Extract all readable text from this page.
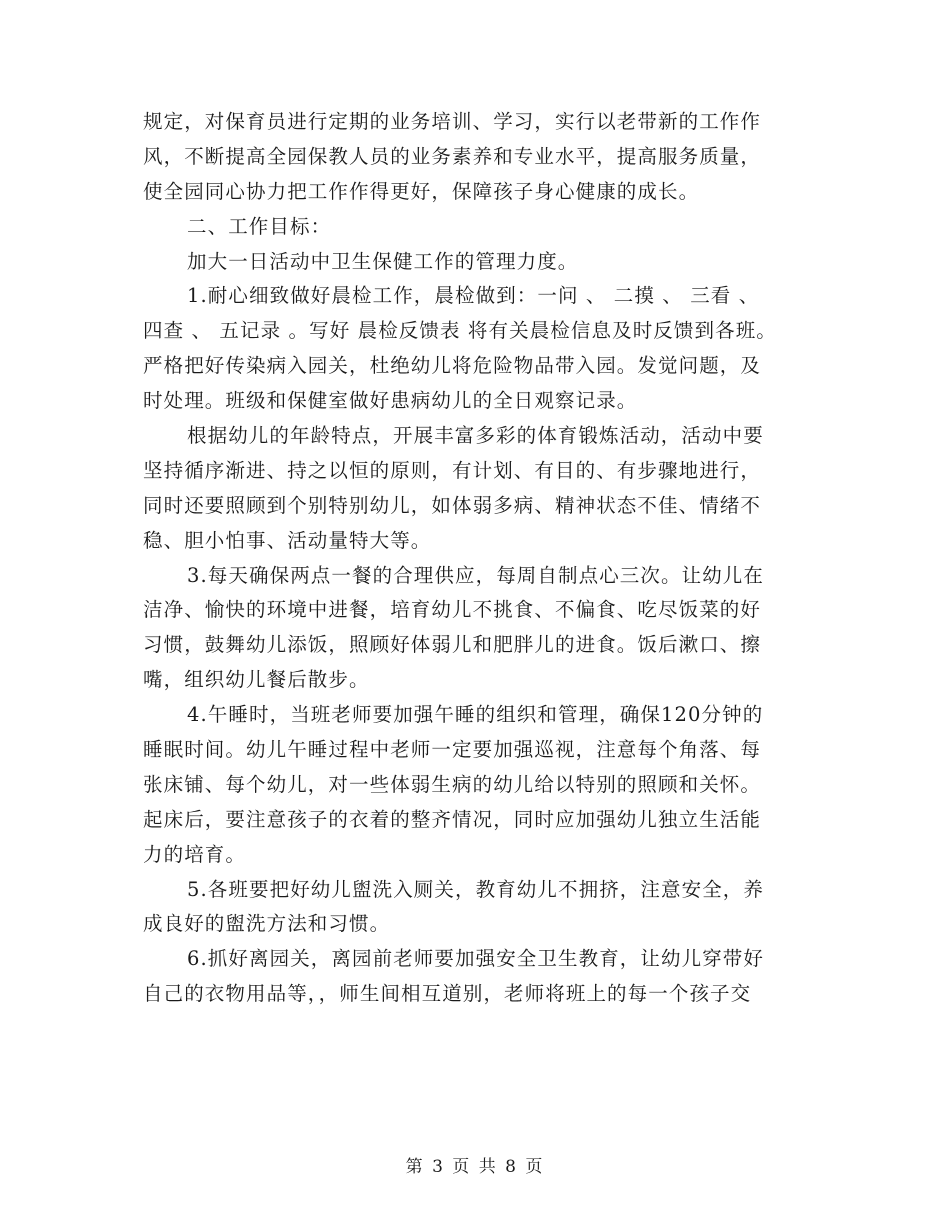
规定，对保育员进行定期的业务培训、学习，实行以老带新的工作作
风，不断提高全园保教人员的业务素养和专业水平，提高服务质量，
使全园同心协力把工作作得更好，保障孩子身心健康的成长。
二、工作目标：
加大一日活动中卫生保健工作的管理力度。
1.耐心细致做好晨检工作，晨检做到：一问 、 二摸 、 三看 、
四查 、 五记录 。写好 晨检反馈表 将有关晨检信息及时反馈到各班。
严格把好传染病入园关，杜绝幼儿将危险物品带入园。发觉问题，及
时处理。班级和保健室做好患病幼儿的全日观察记录。
根据幼儿的年龄特点，开展丰富多彩的体育锻炼活动，活动中要
坚持循序渐进、持之以恒的原则，有计划、有目的、有步骤地进行，
同时还要照顾到个别特别幼儿，如体弱多病、精神状态不佳、情绪不
稳、胆小怕事、活动量特大等。
3.每天确保两点一餐的合理供应，每周自制点心三次。让幼儿在
洁净、愉快的环境中进餐，培育幼儿不挑食、不偏食、吃尽饭菜的好
习惯，鼓舞幼儿添饭，照顾好体弱儿和肥胖儿的进食。饭后漱口、擦
嘴，组织幼儿餐后散步。
4.午睡时，当班老师要加强午睡的组织和管理，确保120分钟的
睡眠时间。幼儿午睡过程中老师一定要加强巡视，注意每个角落、每
张床铺、每个幼儿，对一些体弱生病的幼儿给以特别的照顾和关怀。
起床后，要注意孩子的衣着的整齐情况，同时应加强幼儿独立生活能
力的培育。
5.各班要把好幼儿盥洗入厕关，教育幼儿不拥挤，注意安全，养
成良好的盥洗方法和习惯。
6.抓好离园关，离园前老师要加强安全卫生教育，让幼儿穿带好
自己的衣物用品等，，师生间相互道别，老师将班上的每一个孩子交
第 3 页 共 8 页
